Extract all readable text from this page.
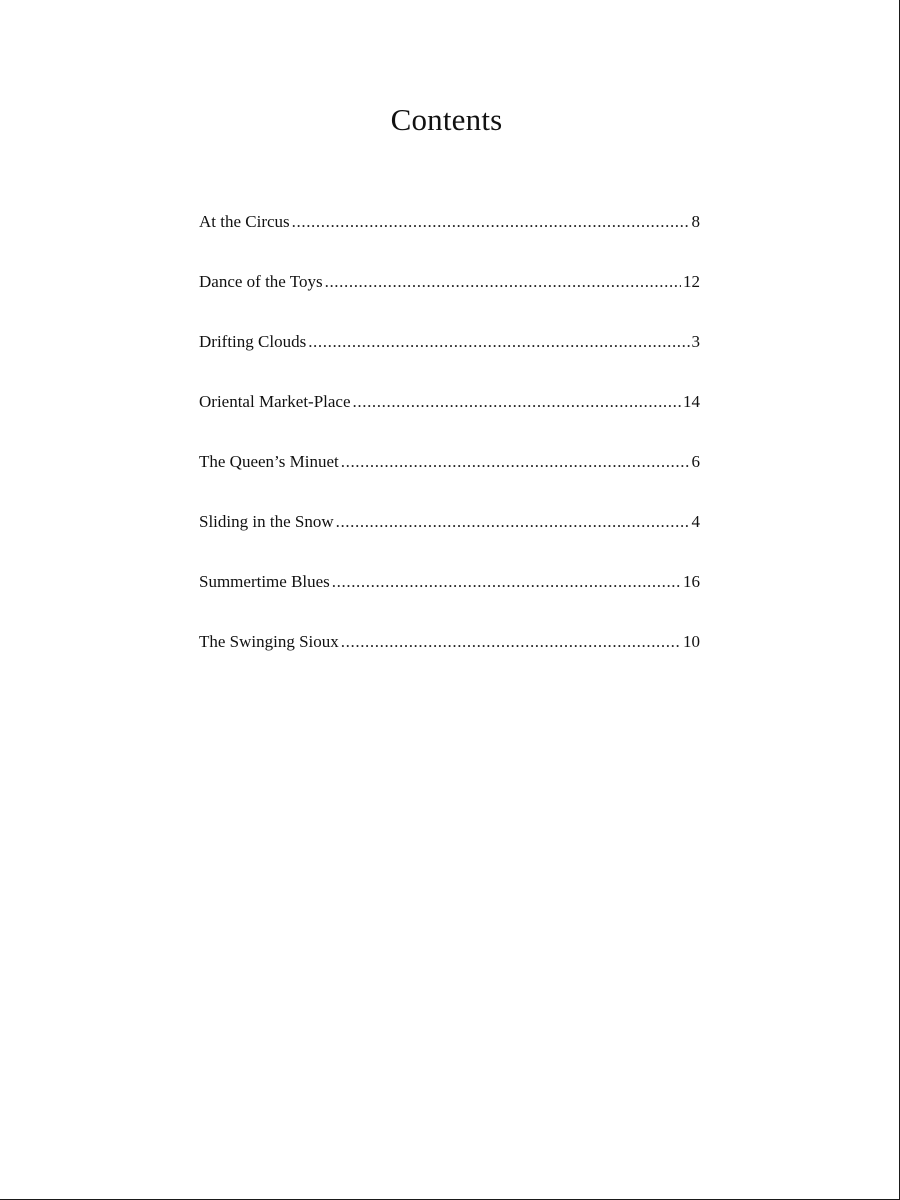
Contents
At the Circus .....	8
Dance of the Toys .....	12
Drifting Clouds .....	3
Oriental Market-Place .....	14
The Queen’s Minuet .....	6
Sliding in the Snow .....	4
Summertime Blues .....	16
The Swinging Sioux .....	10
